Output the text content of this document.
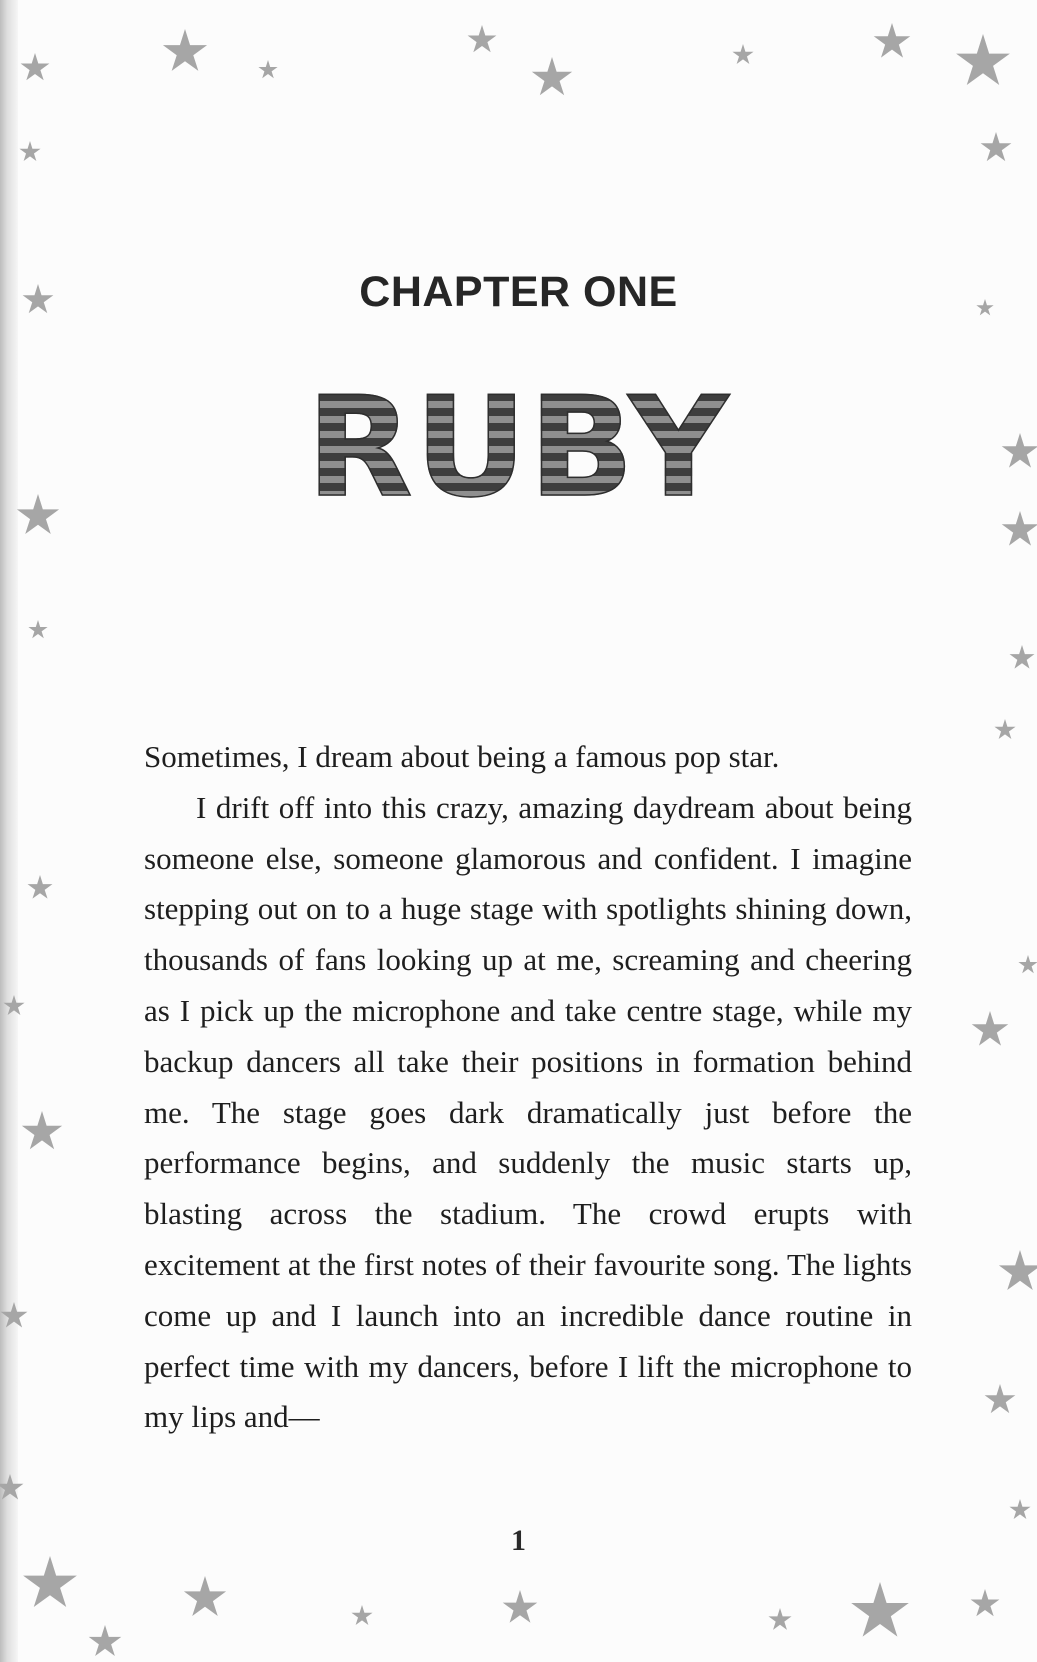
CHAPTER ONE
RUBY

Sometimes, I dream about being a famous pop star.

I drift off into this crazy, amazing daydream about being someone else, someone glamorous and confident. I imagine stepping out on to a huge stage with spotlights shining down, thousands of fans looking up at me, screaming and cheering as I pick up the microphone and take centre stage, while my backup dancers all take their positions in formation behind me. The stage goes dark dramatically just before the performance begins, and suddenly the music starts up, blasting across the stadium. The crowd erupts with excitement at the first notes of their favourite song. The lights come up and I launch into an incredible dance routine in perfect time with my dancers, before I lift the microphone to my lips and—

1
